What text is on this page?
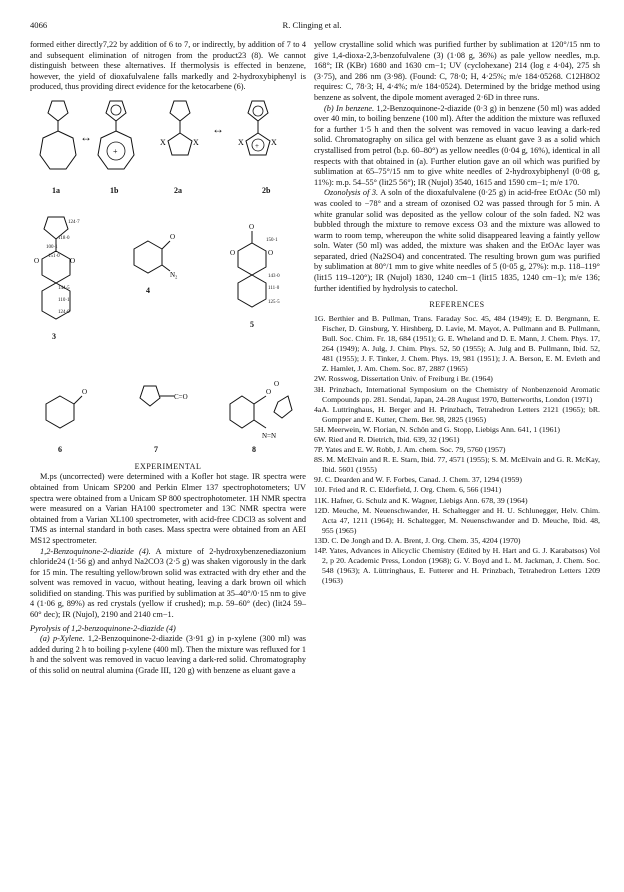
4066	R. Clinging et al.

formed either directly7,22 by addition of 6 to 7, or indirectly, by addition of 7 to 4 and subsequent elimination of nitrogen from the product23 (8). We cannot distinguish between these alternatives. If thermolysis is effected in benzene, however, the yield of dioxafulvalene falls markedly and 2-hydroxybiphenyl is produced, thus providing direct evidence for the ketocarbene (6).

↔
+
X	X
↔
+
X	X
1a	1b	2a	2b

O	O
124·7
118·0
100·1
151·0
144·5
110·1
124·0
O
N₂
O	O
O
150·1
143·0
111·0
125·5
3
4
5

O
C=O
O
N=N
O
6	7	8

EXPERIMENTAL

M.ps (uncorrected) were determined with a Kofler hot stage. IR spectra were obtained from Unicam SP200 and Perkin Elmer 137 spectrophotometers; UV spectra were obtained from a Unicam SP 800 spectrophotometer. 1H NMR spectra were measured on a Varian HA100 spectrometer and 13C NMR spectra were obtained from a Varian XL100 spectrometer, with acid-free CDCl3 as solvent and TMS as internal standard in both cases. Mass spectra were obtained from an AEI MS12 spectrometer.

1,2-Benzoquinone-2-diazide (4). A mixture of 2-hydroxybenzenediazonium chloride24 (1·56 g) and anhyd Na2CO3 (2·5 g) was shaken vigorously in the dark for 15 min. The resulting yellow/brown solid was extracted with dry ether and the solvent was removed in vacuo, without heating, leaving a dark brown oil which solidified on standing. This was purified by sublimation at 35–40°/0·15 nm to give 4 (1·06 g, 89%) as red crystals (yellow if crushed); m.p. 59–60° (dec) (lit24 59–60° dec); IR (Nujol), 2190 and 2140 cm−1.

Pyrolysis of 1,2-benzoquinone-2-diazide (4)

(a) p-Xylene. 1,2-Benzoquinone-2-diazide (3·91 g) in p-xylene (300 ml) was added during 2 h to boiling p-xylene (400 ml). Then the mixture was refluxed for 1 h and the solvent was removed in vacuo leaving a dark-red solid. Chromatography of this solid on neutral alumina (Grade III, 120 g) with benzene as eluant gave a

yellow crystalline solid which was purified further by sublimation at 120°/15 nm to give 1,4-dioxa-2,3-benzofulvalene (3) (1·08 g, 36%) as pale yellow needles, m.p. 168°; IR (KBr) 1680 and 1630 cm−1; UV (cyclohexane) 214 (log ε 4·04), 275 sh (3·75), and 286 nm (3·98). (Found: C, 78·0; H, 4·25%; m/e 184·05268. C12H8O2 requires: C, 78·3; H, 4·4%; m/e 184·0524). Determined by the bridge method using benzene as solvent, the dipole moment averaged 2·6D in three runs.

(b) In benzene. 1,2-Benzoquinone-2-diazide (0·3 g) in benzene (50 ml) was added over 40 min, to boiling benzene (100 ml). After the addition the mixture was refluxed for a further 1·5 h and then the solvent was removed in vacuo leaving a dark-red solid. Chromatography on silica gel with benzene as eluant gave 3 as a solid which crystallised from petrol (b.p. 60–80°) as yellow needles (0·04 g, 16%), identical in all respects with that obtained in (a). Further elution gave an oil which was purified by sublimation at 65–75°/15 nm to give white needles of 2-hydroxybiphenyl (0·08 g, 11%): m.p. 54–55° (lit25 56°); IR (Nujol) 3540, 1615 and 1590 cm−1; m/e 170.

Ozonolysis of 3. A soln of the dioxafulvalene (0·25 g) in acid-free EtOAc (50 ml) was cooled to −78° and a stream of ozonised O2 was passed through for 5 min. A white granular solid was deposited as the yellow colour of the soln faded. N2 was bubbled through the mixture to remove excess O3 and the mixture was allowed to warm to room temp, whereupon the white solid disappeared leaving a faintly yellow soln. Water (50 ml) was added, the mixture was shaken and the EtOAc layer was separated, dried (Na2SO4) and concentrated. The resulting brown gum was purified by sublimation at 80°/1 mm to give white needles of 5 (0·05 g, 27%): m.p. 118–119° (lit15 119–120°); IR (Nujol) 1830, 1240 cm−1 (lit15 1835, 1240 cm−1); m/e 136; further identified by hydrolysis to catechol.

REFERENCES

1G. Berthier and B. Pullman, Trans. Faraday Soc. 45, 484 (1949); E. D. Bergmann, E. Fischer, D. Ginsburg, Y. Hirshberg, D. Lavie, M. Mayot, A. Pullmann and B. Pullmann, Bull. Soc. Chim. Fr. 18, 684 (1951); G. E. Wheland and D. E. Mann, J. Chem. Phys. 17, 264 (1949); A. Julg, J. Chim. Phys. 52, 50 (1955); A. Julg and B. Pullmann, Ibid. 52, 481 (1955); J. F. Tinker, J. Chem. Phys. 19, 981 (1951); J. A. Berson, E. M. Evleth and Z. Hamlet, J. Am. Chem. Soc. 87, 2887 (1965)

2W. Rosswog, Dissertation Univ. of Freiburg i Br. (1964)

3H. Prinzbach, International Symposium on the Chemistry of Nonbenzenoid Aromatic Compounds pp. 281. Sendai, Japan, 24–28 August 1970, Butterworths, London (1971)

4aA. Luttringhaus, H. Berger and H. Prinzbach, Tetrahedron Letters 2121 (1965); bR. Gompper and E. Kutter, Chem. Ber. 98, 2825 (1965)

5H. Meerwein, W. Florian, N. Schön and G. Stopp, Liebigs Ann. 641, 1 (1961)

6W. Ried and R. Dietrich, Ibid. 639, 32 (1961)

7P. Yates and E. W. Robb, J. Am. chem. Soc. 79, 5760 (1957)

8S. M. McElvain and R. E. Starn, Ibid. 77, 4571 (1955); S. M. McElvain and G. R. McKay, Ibid. 5601 (1955)

9J. C. Dearden and W. F. Forbes, Canad. J. Chem. 37, 1294 (1959)

10J. Fried and R. C. Elderfield, J. Org. Chem. 6, 566 (1941)

11K. Hafner, G. Schulz and K. Wagner, Liebigs Ann. 678, 39 (1964)

12D. Meuche, M. Neuenschwander, H. Schaltegger and H. U. Schlunegger, Helv. Chim. Acta 47, 1211 (1964); H. Schaltegger, M. Neuenschwander and D. Meuche, Ibid. 48, 955 (1965)

13D. C. De Jongh and D. A. Brent, J. Org. Chem. 35, 4204 (1970)

14P. Yates, Advances in Alicyclic Chemistry (Edited by H. Hart and G. J. Karabatsos) Vol 2, p 20. Academic Press, London (1968); G. V. Boyd and L. M. Jackman, J. Chem. Soc. 548 (1963); A. Lüttringhaus, E. Futterer and H. Prinzbach, Tetrahedron Letters 1209 (1963)
